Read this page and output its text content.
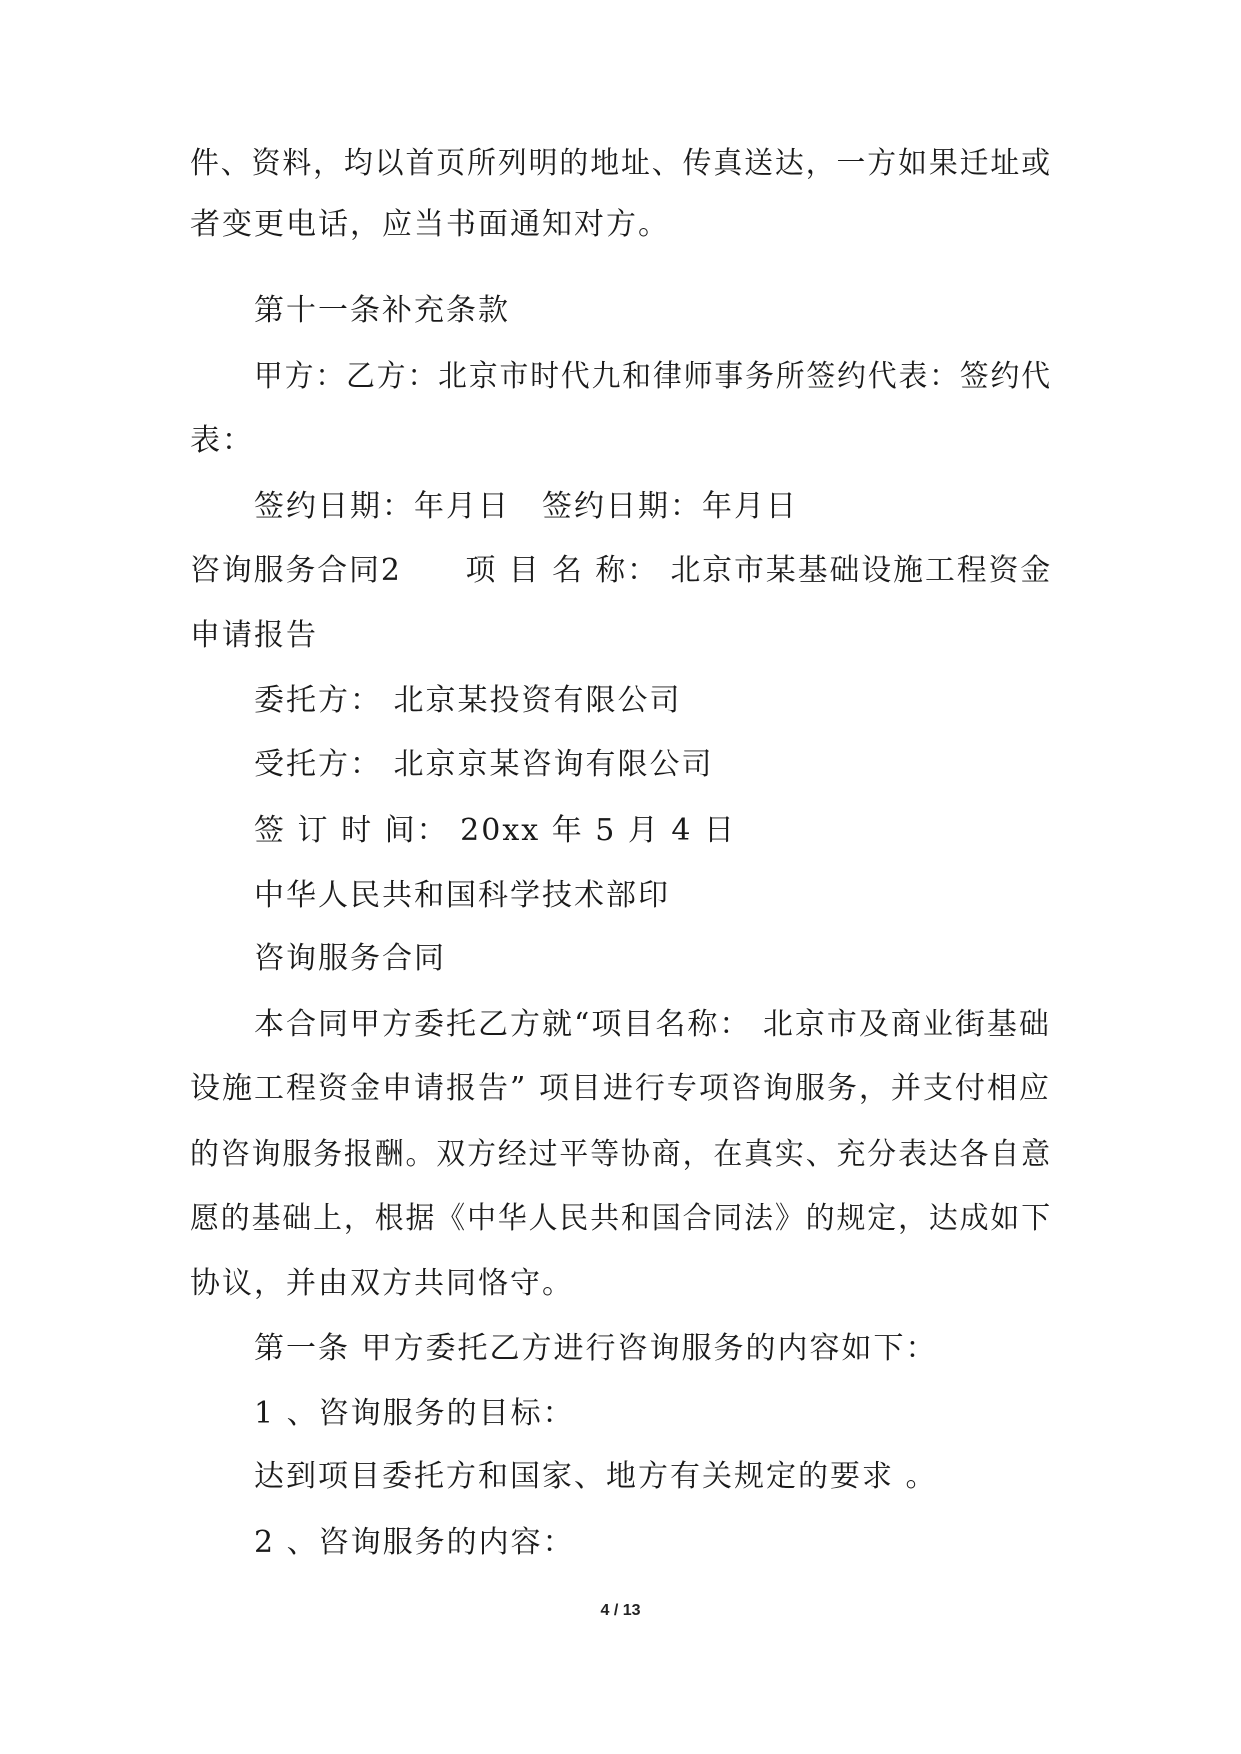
件、资料，均以首页所列明的地址、传真送达，一方如果迁址或
者变更电话，应当书面通知对方。
第十一条补充条款
甲方：乙方：北京市时代九和律师事务所签约代表：签约代
表：
签约日期：年月日　签约日期：年月日
咨询服务合同2　　项 目 名 称： 北京市某基础设施工程资金
申请报告
委托方： 北京某投资有限公司
受托方： 北京京某咨询有限公司
签 订 时 间： 20xx 年 5 月 4 日
中华人民共和国科学技术部印
咨询服务合同
本合同甲方委托乙方就“项目名称： 北京市及商业街基础
设施工程资金申请报告” 项目进行专项咨询服务，并支付相应
的咨询服务报酬。双方经过平等协商，在真实、充分表达各自意
愿的基础上，根据《中华人民共和国合同法》的规定，达成如下
协议，并由双方共同恪守。
第一条 甲方委托乙方进行咨询服务的内容如下：
1 、咨询服务的目标：
达到项目委托方和国家、地方有关规定的要求 。
2 、咨询服务的内容：
4 / 13
